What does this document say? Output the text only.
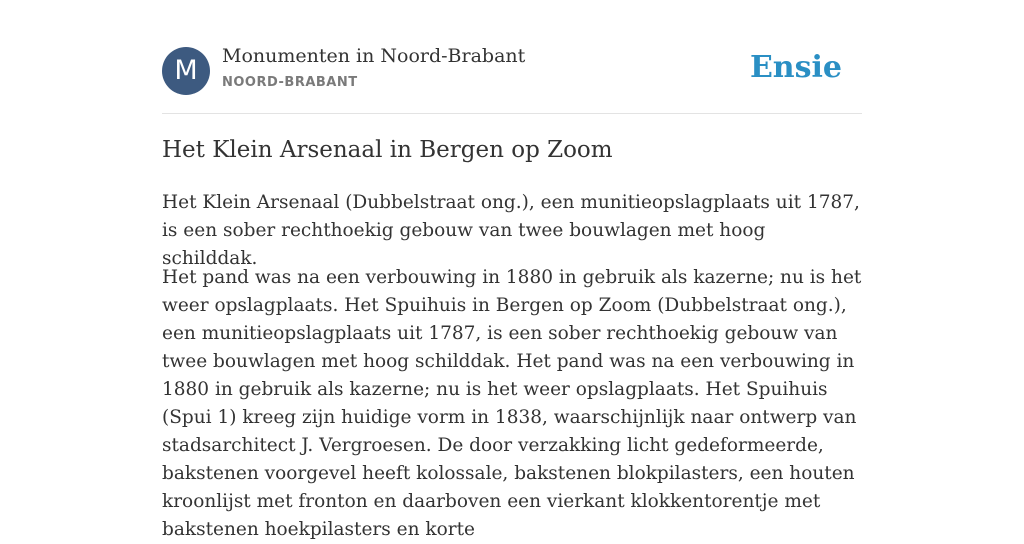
M	Monumenten in Noord-Brabant
NOORD-BRABANT	Ensie
Het Klein Arsenaal in Bergen op Zoom

Het Klein Arsenaal (Dubbelstraat ong.), een munitieopslagplaats uit 1787, is een sober rechthoekig gebouw van twee bouwlagen met hoog schilddak.

Het pand was na een verbouwing in 1880 in gebruik als kazerne; nu is het weer opslagplaats. Het Spuihuis in Bergen op Zoom (Dubbelstraat ong.), een munitieopslagplaats uit 1787, is een sober rechthoekig gebouw van twee bouwlagen met hoog schilddak. Het pand was na een verbouwing in 1880 in gebruik als kazerne; nu is het weer opslagplaats. Het Spuihuis (Spui 1) kreeg zijn huidige vorm in 1838, waarschijnlijk naar ontwerp van stadsarchitect J. Vergroesen. De door verzakking licht gedeformeerde, bakstenen voorgevel heeft kolossale, bakstenen blokpilasters, een houten kroonlijst met fronton en daarboven een vierkant klokkentorentje met bakstenen hoekpilasters en korte
